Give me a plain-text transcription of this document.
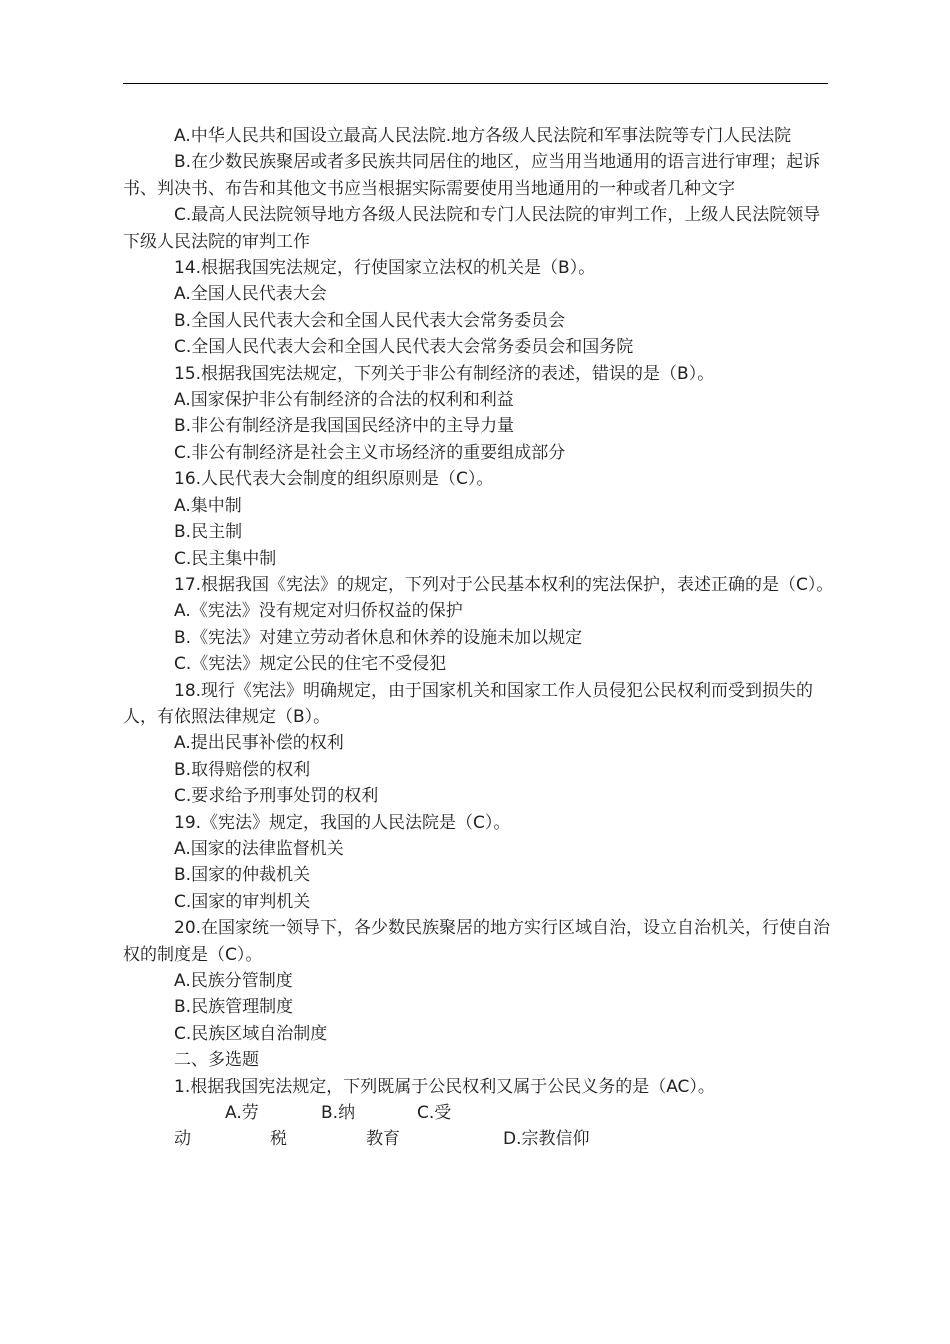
A.中华人民共和国设立最高人民法院.地方各级人民法院和军事法院等专门人民法院

B.在少数民族聚居或者多民族共同居住的地区，应当用当地通用的语言进行审理；起诉书、判决书、布告和其他文书应当根据实际需要使用当地通用的一种或者几种文字

C.最高人民法院领导地方各级人民法院和专门人民法院的审判工作，上级人民法院领导下级人民法院的审判工作

14.根据我国宪法规定，行使国家立法权的机关是（B）。

A.全国人民代表大会

B.全国人民代表大会和全国人民代表大会常务委员会

C.全国人民代表大会和全国人民代表大会常务委员会和国务院

15.根据我国宪法规定，下列关于非公有制经济的表述，错误的是（B）。

A.国家保护非公有制经济的合法的权利和利益

B.非公有制经济是我国国民经济中的主导力量

C.非公有制经济是社会主义市场经济的重要组成部分

16.人民代表大会制度的组织原则是（C）。

A.集中制

B.民主制

C.民主集中制

17.根据我国《宪法》的规定，下列对于公民基本权利的宪法保护，表述正确的是（C）。

A.《宪法》没有规定对归侨权益的保护

B.《宪法》对建立劳动者休息和休养的设施未加以规定

C.《宪法》规定公民的住宅不受侵犯

18.现行《宪法》明确规定，由于国家机关和国家工作人员侵犯公民权利而受到损失的人，有依照法律规定（B）。

A.提出民事补偿的权利

B.取得赔偿的权利

C.要求给予刑事处罚的权利

19.《宪法》规定，我国的人民法院是（C）。

A.国家的法律监督机关

B.国家的仲裁机关

C.国家的审判机关

20.在国家统一领导下，各少数民族聚居的地方实行区域自治，设立自治机关，行使自治权的制度是（C）。

A.民族分管制度

B.民族管理制度

C.民族区域自治制度

二、多选题

1.根据我国宪法规定，下列既属于公民权利又属于公民义务的是（AC）。

A.劳动B.纳税C.受教育	D.宗教信仰
